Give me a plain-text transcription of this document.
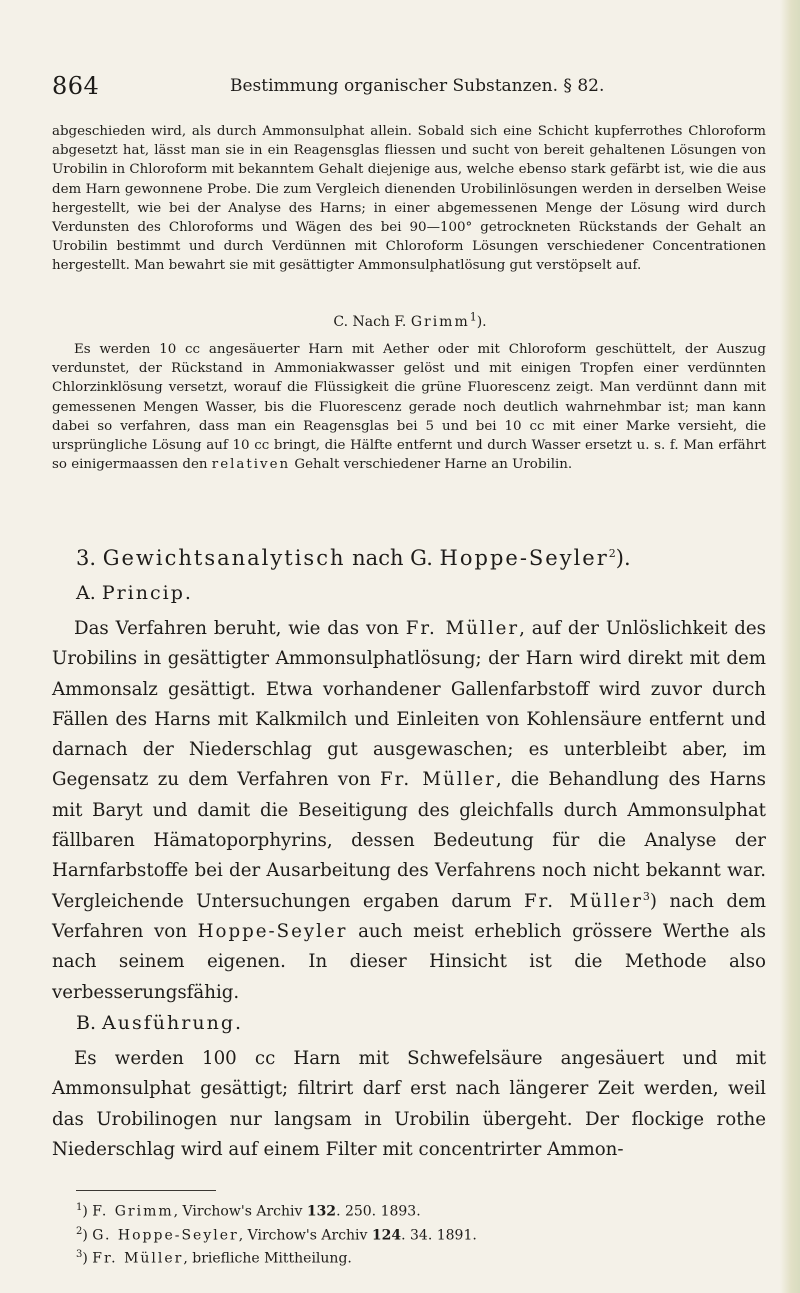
864	Bestimmung organischer Substanzen. § 82.

abgeschieden wird, als durch Ammonsulphat allein. Sobald sich eine Schicht kupferrothes Chloroform abgesetzt hat, lässt man sie in ein Reagensglas fliessen und sucht von bereit gehaltenen Lösungen von Urobilin in Chloroform mit bekanntem Gehalt diejenige aus, welche ebenso stark gefärbt ist, wie die aus dem Harn gewonnene Probe. Die zum Vergleich dienenden Urobilinlösungen werden in derselben Weise hergestellt, wie bei der Analyse des Harns; in einer abgemessenen Menge der Lösung wird durch Verdunsten des Chloroforms und Wägen des bei 90—100° getrockneten Rückstands der Gehalt an Urobilin bestimmt und durch Verdünnen mit Chloroform Lösungen verschiedener Concentrationen hergestellt. Man bewahrt sie mit gesättigter Ammonsulphatlösung gut verstöpselt auf.

C. Nach F. Grimm$^1$).

Es werden 10 cc angesäuerter Harn mit Aether oder mit Chloroform geschüttelt, der Auszug verdunstet, der Rückstand in Ammoniakwasser gelöst und mit einigen Tropfen einer verdünnten Chlorzinklösung versetzt, worauf die Flüssigkeit die grüne Fluorescenz zeigt. Man verdünnt dann mit gemessenen Mengen Wasser, bis die Fluorescenz gerade noch deutlich wahrnehmbar ist; man kann dabei so verfahren, dass man ein Reagensglas bei 5 und bei 10 cc mit einer Marke versieht, die ursprüngliche Lösung auf 10 cc bringt, die Hälfte entfernt und durch Wasser ersetzt u. s. f. Man erfährt so einigermaassen den relativen Gehalt verschiedener Harne an Urobilin.

3. Gewichtsanalytisch nach G. Hoppe-Seyler$^2$).
A. Princip.

Das Verfahren beruht, wie das von Fr. Müller, auf der Unlöslichkeit des Urobilins in gesättigter Ammonsulphatlösung; der Harn wird direkt mit dem Ammonsalz gesättigt. Etwa vorhandener Gallenfarbstoff wird zuvor durch Fällen des Harns mit Kalkmilch und Einleiten von Kohlensäure entfernt und darnach der Niederschlag gut ausgewaschen; es unterbleibt aber, im Gegensatz zu dem Verfahren von Fr. Müller, die Behandlung des Harns mit Baryt und damit die Beseitigung des gleichfalls durch Ammonsulphat fällbaren Hämatoporphyrins, dessen Bedeutung für die Analyse der Harnfarbstoffe bei der Ausarbeitung des Verfahrens noch nicht bekannt war. Vergleichende Untersuchungen ergaben darum Fr. Müller$^3$) nach dem Verfahren von Hoppe-Seyler auch meist erheblich grössere Werthe als nach seinem eigenen. In dieser Hinsicht ist die Methode also verbesserungsfähig.

B. Ausführung.

Es werden 100 cc Harn mit Schwefelsäure angesäuert und mit Ammonsulphat gesättigt; filtrirt darf erst nach längerer Zeit werden, weil das Urobilinogen nur langsam in Urobilin übergeht. Der flockige rothe Niederschlag wird auf einem Filter mit concentrirter Ammon-

$^1$) F. Grimm, Virchow's Archiv 132. 250. 1893.
$^2$) G. Hoppe-Seyler, Virchow's Archiv 124. 34. 1891.
$^3$) Fr. Müller, briefliche Mittheilung.
